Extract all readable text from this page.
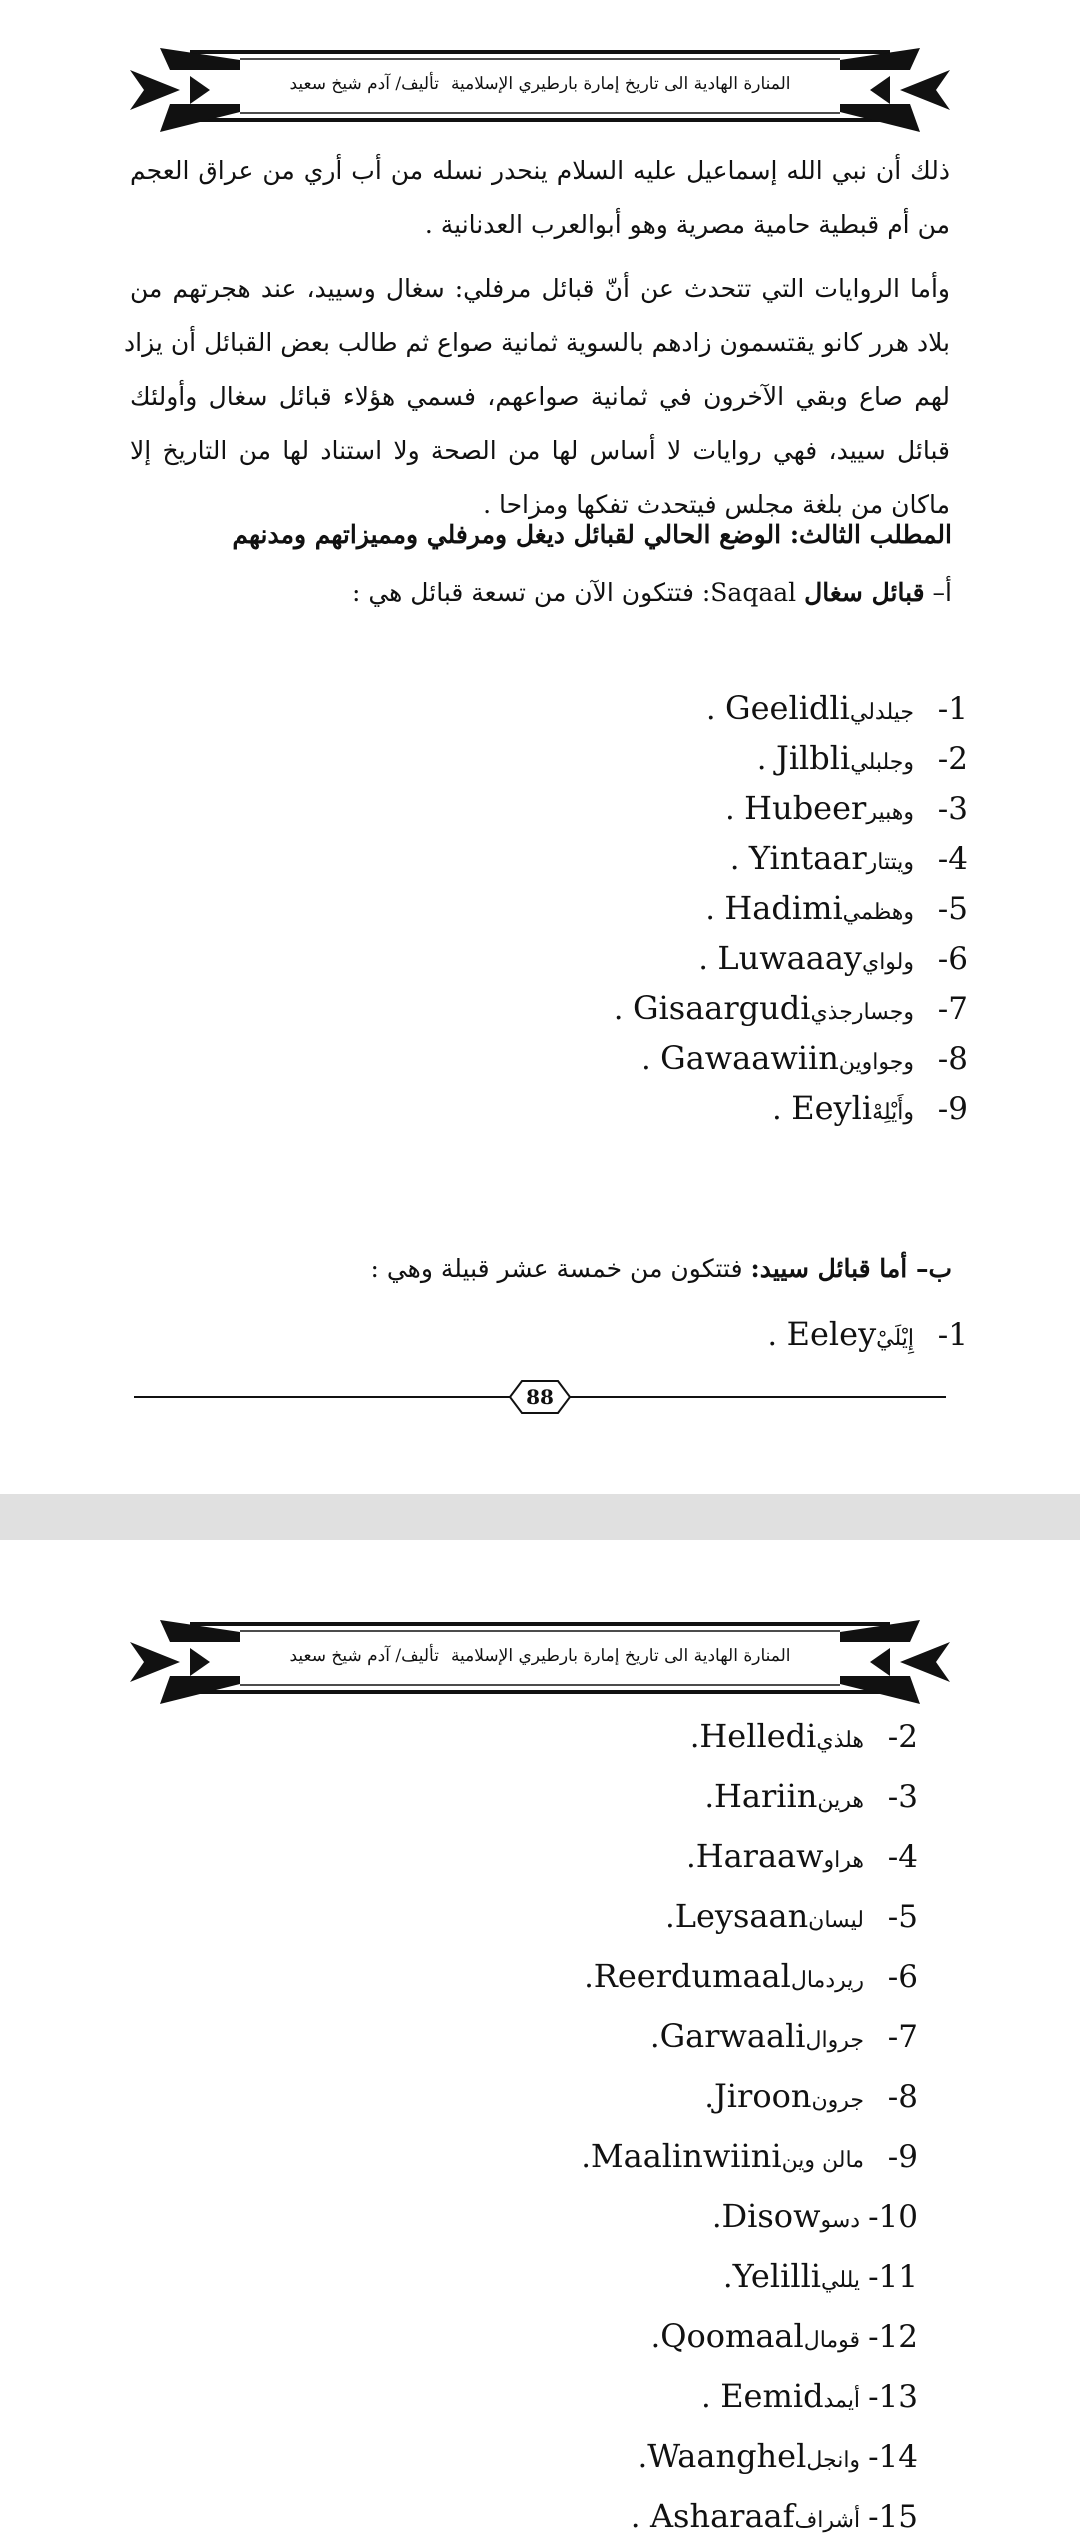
المنارة الهادية الى تاريخ إمارة بارطيري الإسلامية
تأليف/ آدم شيخ سعيد
ذلك أن نبي الله إسماعيل عليه السلام ينحدر نسله من أب أري من عراق العجم
من أم قبطية حامية مصرية وهو أبوالعرب العدنانية .
وأما الروايات التي تتحدث عن أنّ قبائل مرفلي: سغال وسييد، عند هجرتهم من
بلاد هرر كانو يقتسمون زادهم بالسوية ثمانية صواع ثم طالب بعض القبائل أن يزاد
لهم صاع وبقي الآخرون في ثمانية صواعهم، فسمي هؤلاء قبائل سغال وأولئك
قبائل سييد، فهي روايات لا أساس لها من الصحة ولا استناد لها من التاريخ إلا
ماكان من بلغة مجلس فيتحدث تفكها ومزاحا .
المطلب الثالث: الوضع الحالي لقبائل ديغل ومرفلي ومميزاتهم ومدنهم
أ– قبائل سغال Saqaal: فتتكون الآن من تسعة قبائل هي :
1-جيلدليGeelidli .
2-وجلبليJilbli .
3-وهبيرHubeer .
4-ويتتارYintaar .
5-وهظميHadimi .
6-ولوايLuwaaay .
7-وجسارجذيGisaargudi .
8-وجواوينGawaawiin .
9-وأَيْلِهْEeyli .
ب– أما قبائل سييد: فتتكون من خمسة عشر قبيلة وهي :
1-إِيْلَيْEeley .
88
المنارة الهادية الى تاريخ إمارة بارطيري الإسلامية
تأليف/ آدم شيخ سعيد
2-هلذيHelledi.
3-هرينHariin.
4-هراوHaraaw.
5-ليسانLeysaan.
6-ريردمالReerdumaal.
7-جروالGarwaali.
8-جرونJiroon.
9-مالن وينMaalinwiini.
10-دسوDisow.
11-يلليYelilli.
12-قومالQoomaal.
13-أيمدEemid .
14-وانجلWaanghel.
15-أشرافAsharaaf .
